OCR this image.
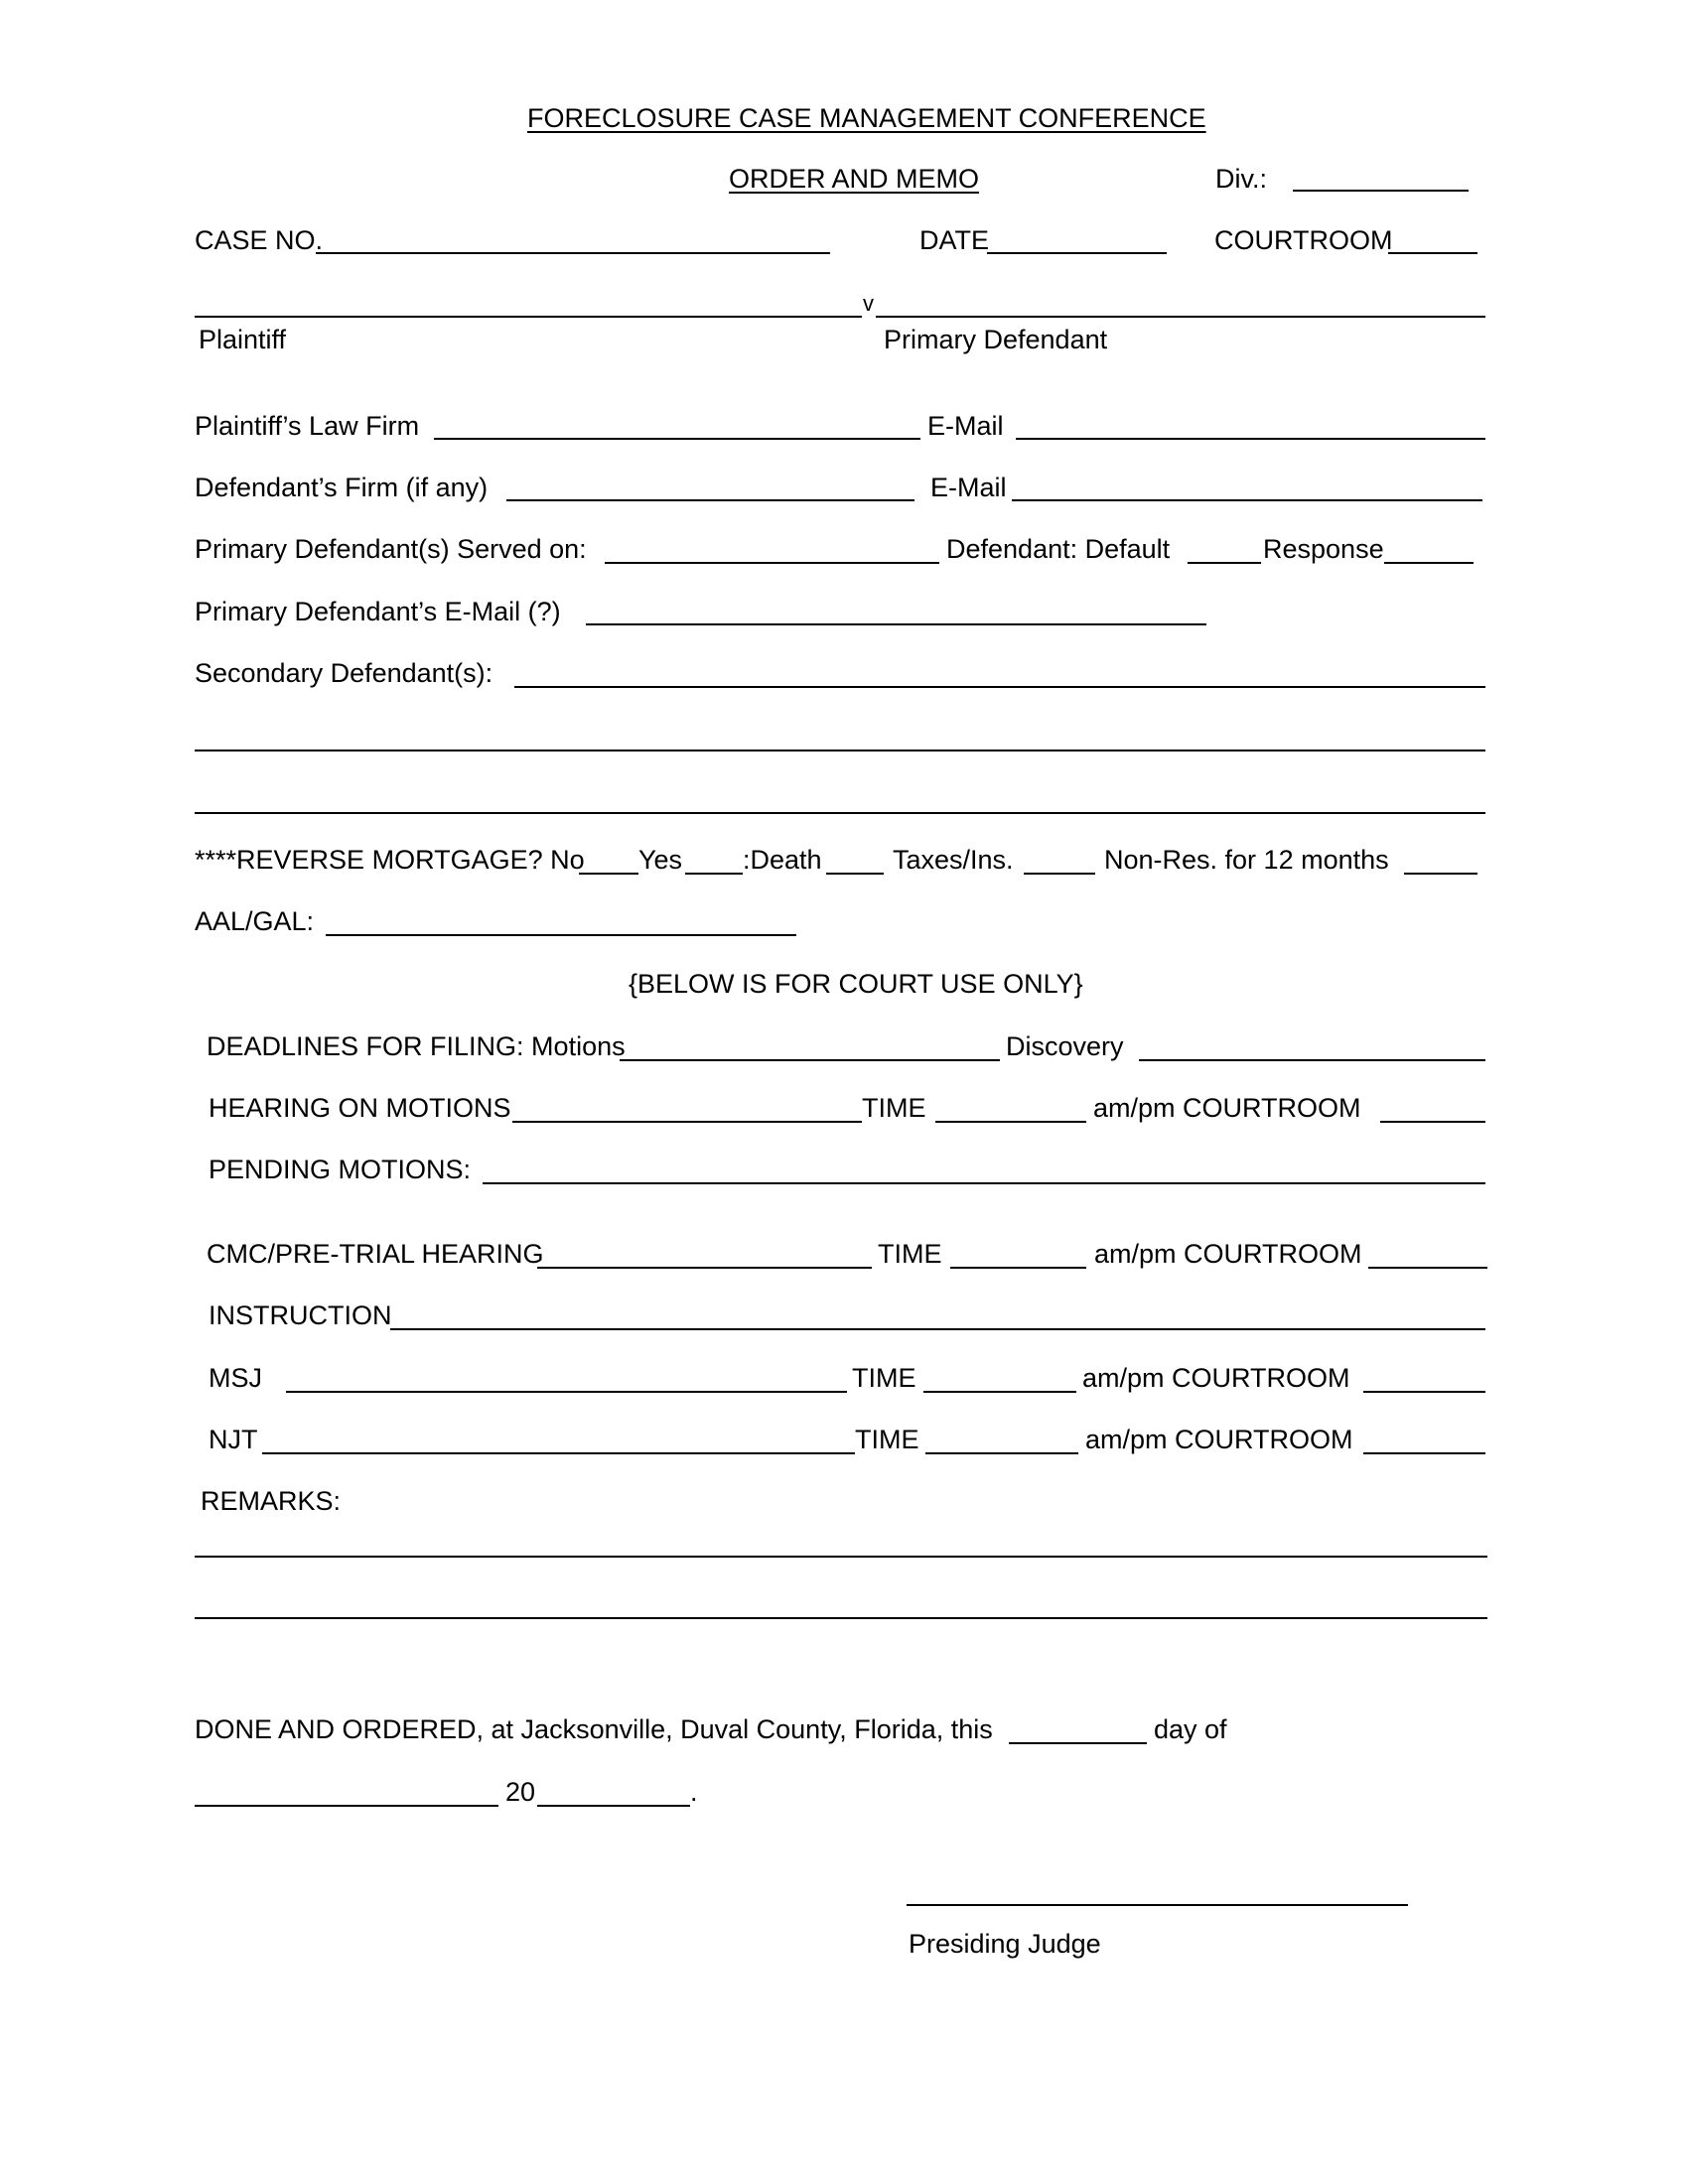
FORECLOSURE CASE MANAGEMENT CONFERENCE
ORDER AND MEMO	Div.:
CASE NO.	DATE	COURTROOM
v
Plaintiff	Primary Defendant
Plaintiff’s Law Firm	E-Mail
Defendant’s Firm (if any)	E-Mail
Primary Defendant(s) Served on:	Defendant: Default	Response
Primary Defendant’s E-Mail (?)
Secondary Defendant(s):
****REVERSE MORTGAGE? No Yes :Death	Taxes/Ins.	Non-Res. for 12 months
AAL/GAL:
{BELOW IS FOR COURT USE ONLY}
DEADLINES FOR FILING: Motions	Discovery
HEARING ON MOTIONS	TIME	am/pm COURTROOM
PENDING MOTIONS:
CMC/PRE-TRIAL HEARING	TIME	am/pm COURTROOM
INSTRUCTION
MSJ	TIME	am/pm COURTROOM
NJT	TIME	am/pm COURTROOM
REMARKS:
DONE AND ORDERED, at Jacksonville, Duval County, Florida, this	day of
20	.
Presiding Judge
